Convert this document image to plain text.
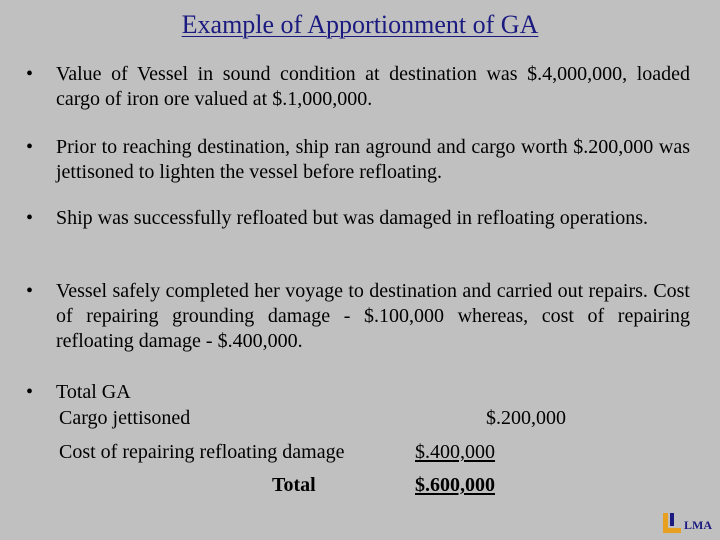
Example of Apportionment of GA
•	Value of Vessel in sound condition at destination was $.4,000,000, loaded cargo of iron ore valued at $.1,000,000.
•	Prior to reaching destination, ship ran aground and cargo worth $.200,000 was jettisoned to lighten the vessel before refloating.
•	Ship was successfully refloated but was damaged in refloating operations.
•	Vessel safely completed her voyage to destination and carried out repairs. Cost of repairing grounding damage - $.100,000 whereas, cost of repairing refloating damage - $.400,000.
•	Total GA
Cargo jettisoned	$.200,000
Cost of repairing refloating damage	$.400,000
Total	$.600,000
LMA
